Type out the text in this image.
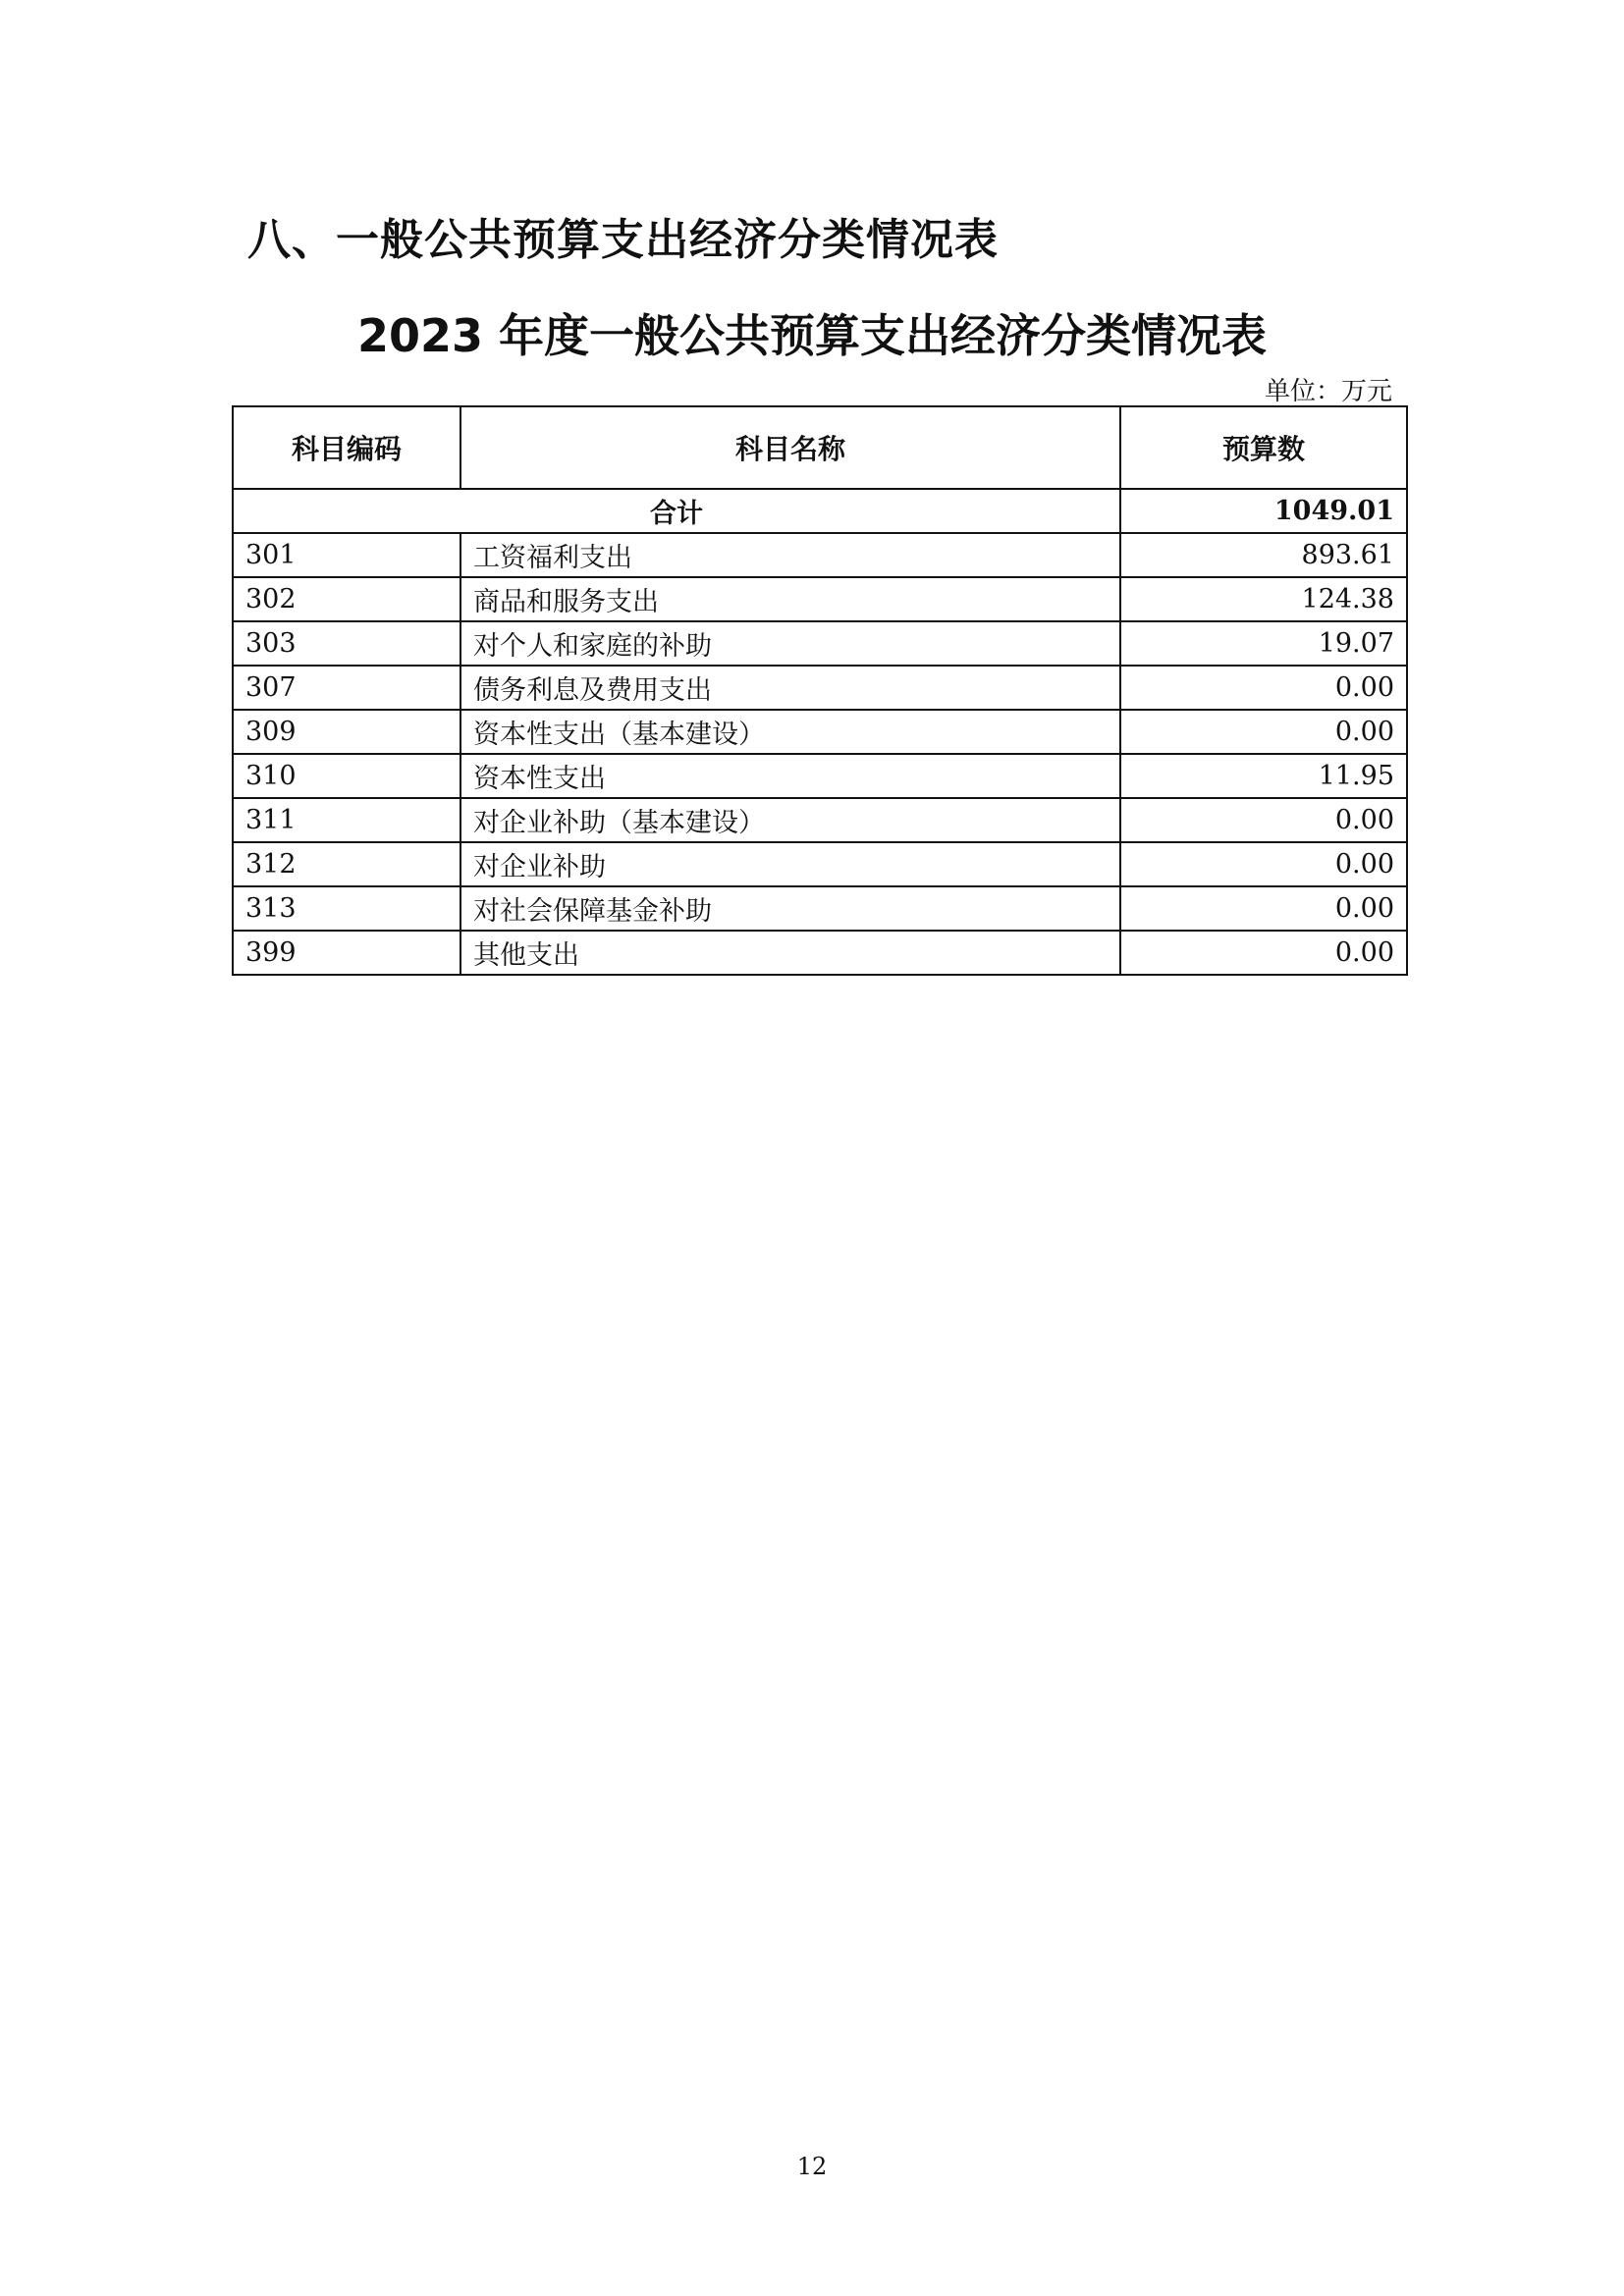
八、一般公共预算支出经济分类情况表
2023 年度一般公共预算支出经济分类情况表
单位：万元
科目编码	科目名称	预算数
合计		1049.01
301	工资福利支出	893.61
302	商品和服务支出	124.38
303	对个人和家庭的补助	19.07
307	债务利息及费用支出	0.00
309	资本性支出（基本建设）	0.00
310	资本性支出	11.95
311	对企业补助（基本建设）	0.00
312	对企业补助	0.00
313	对社会保障基金补助	0.00
399	其他支出	0.00
12
